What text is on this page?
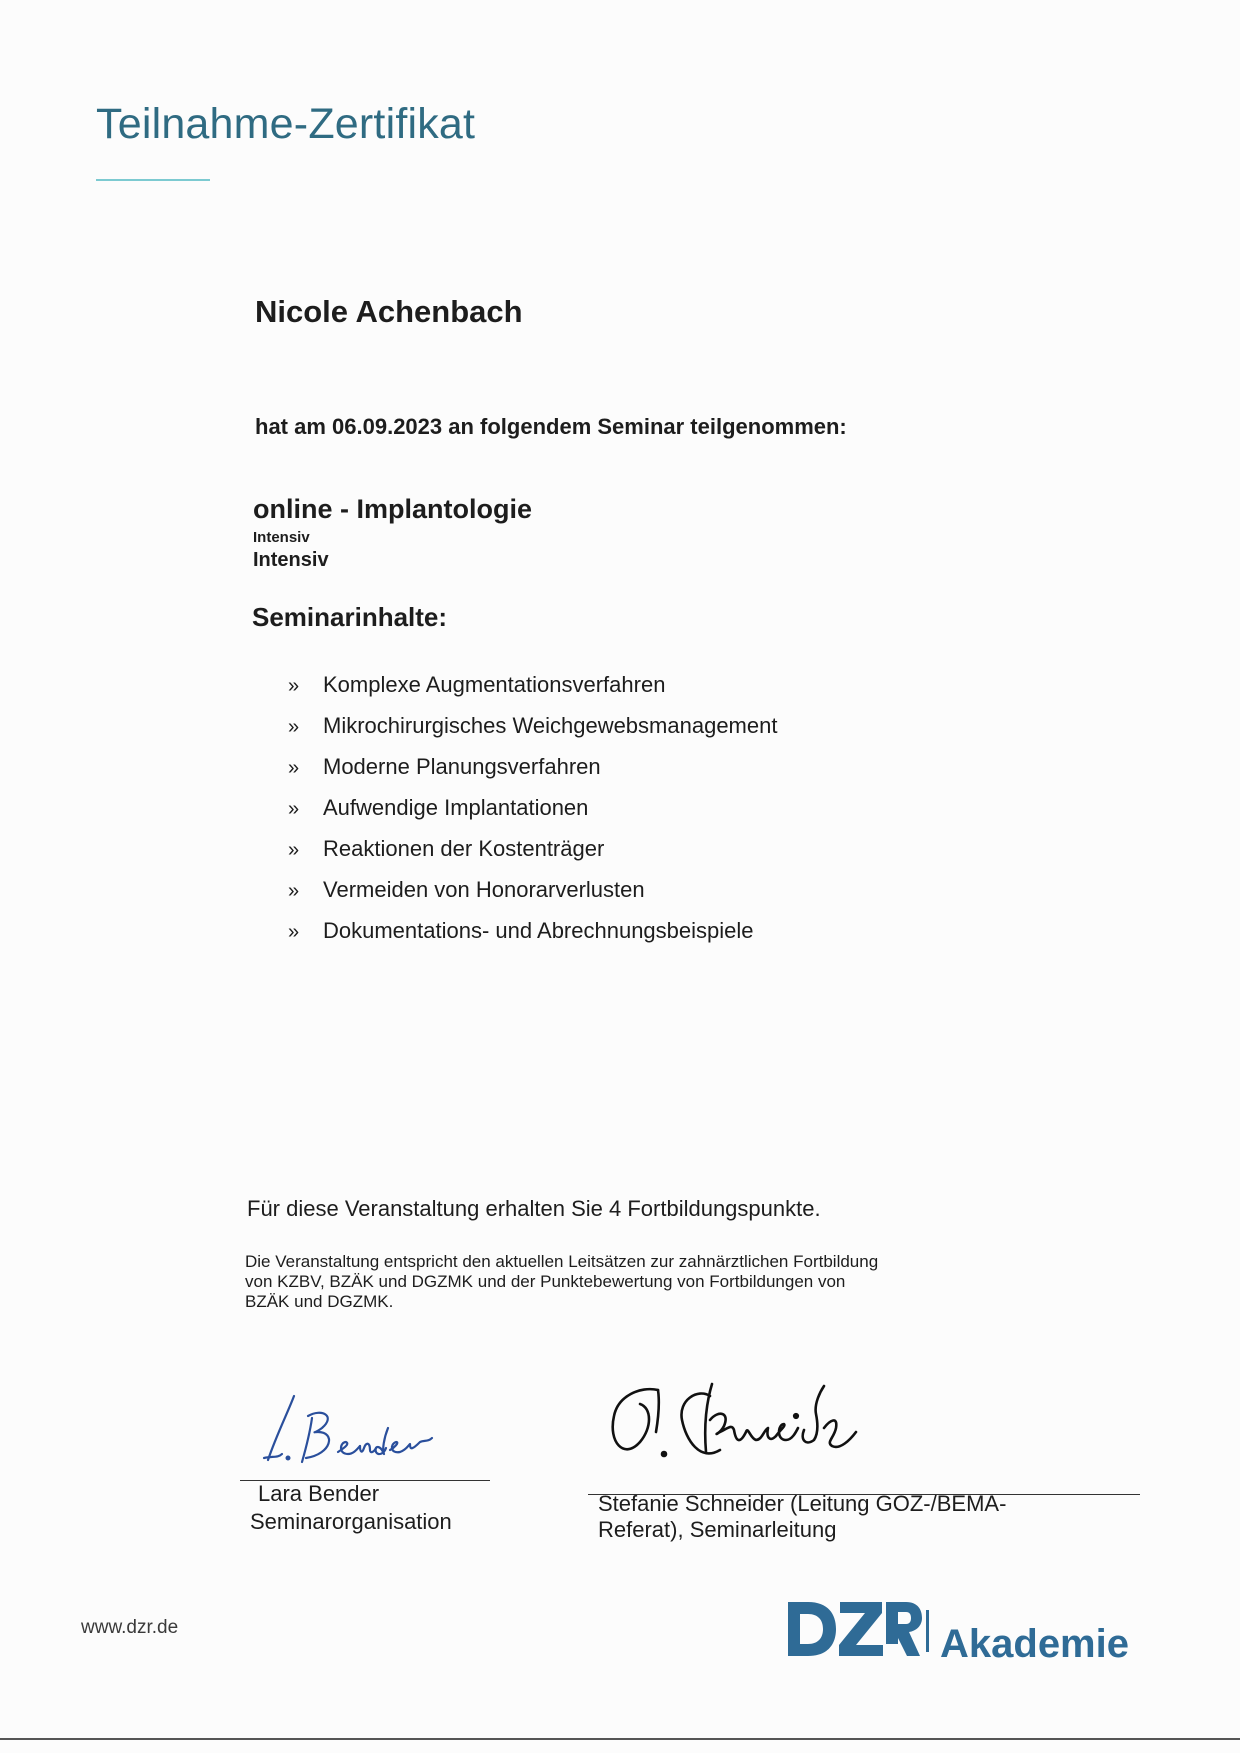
Teilnahme-Zertifikat
Nicole Achenbach
hat am 06.09.2023 an folgendem Seminar teilgenommen:
online - Implantologie
Intensiv
Intensiv
Seminarinhalte:
» Komplexe Augmentationsverfahren
» Mikrochirurgisches Weichgewebsmanagement
» Moderne Planungsverfahren
» Aufwendige Implantationen
» Reaktionen der Kostenträger
» Vermeiden von Honorarverlusten
» Dokumentations- und Abrechnungsbeispiele
Für diese Veranstaltung erhalten Sie 4 Fortbildungspunkte.
Die Veranstaltung entspricht den aktuellen Leitsätzen zur zahnärztlichen Fortbildung von KZBV, BZÄK und DGZMK und der Punktebewertung von Fortbildungen von BZÄK und DGZMK.
Lara Bender
Seminarorganisation
Stefanie Schneider (Leitung GOZ-/BEMA-
Referat), Seminarleitung
www.dzr.de	Akademie
